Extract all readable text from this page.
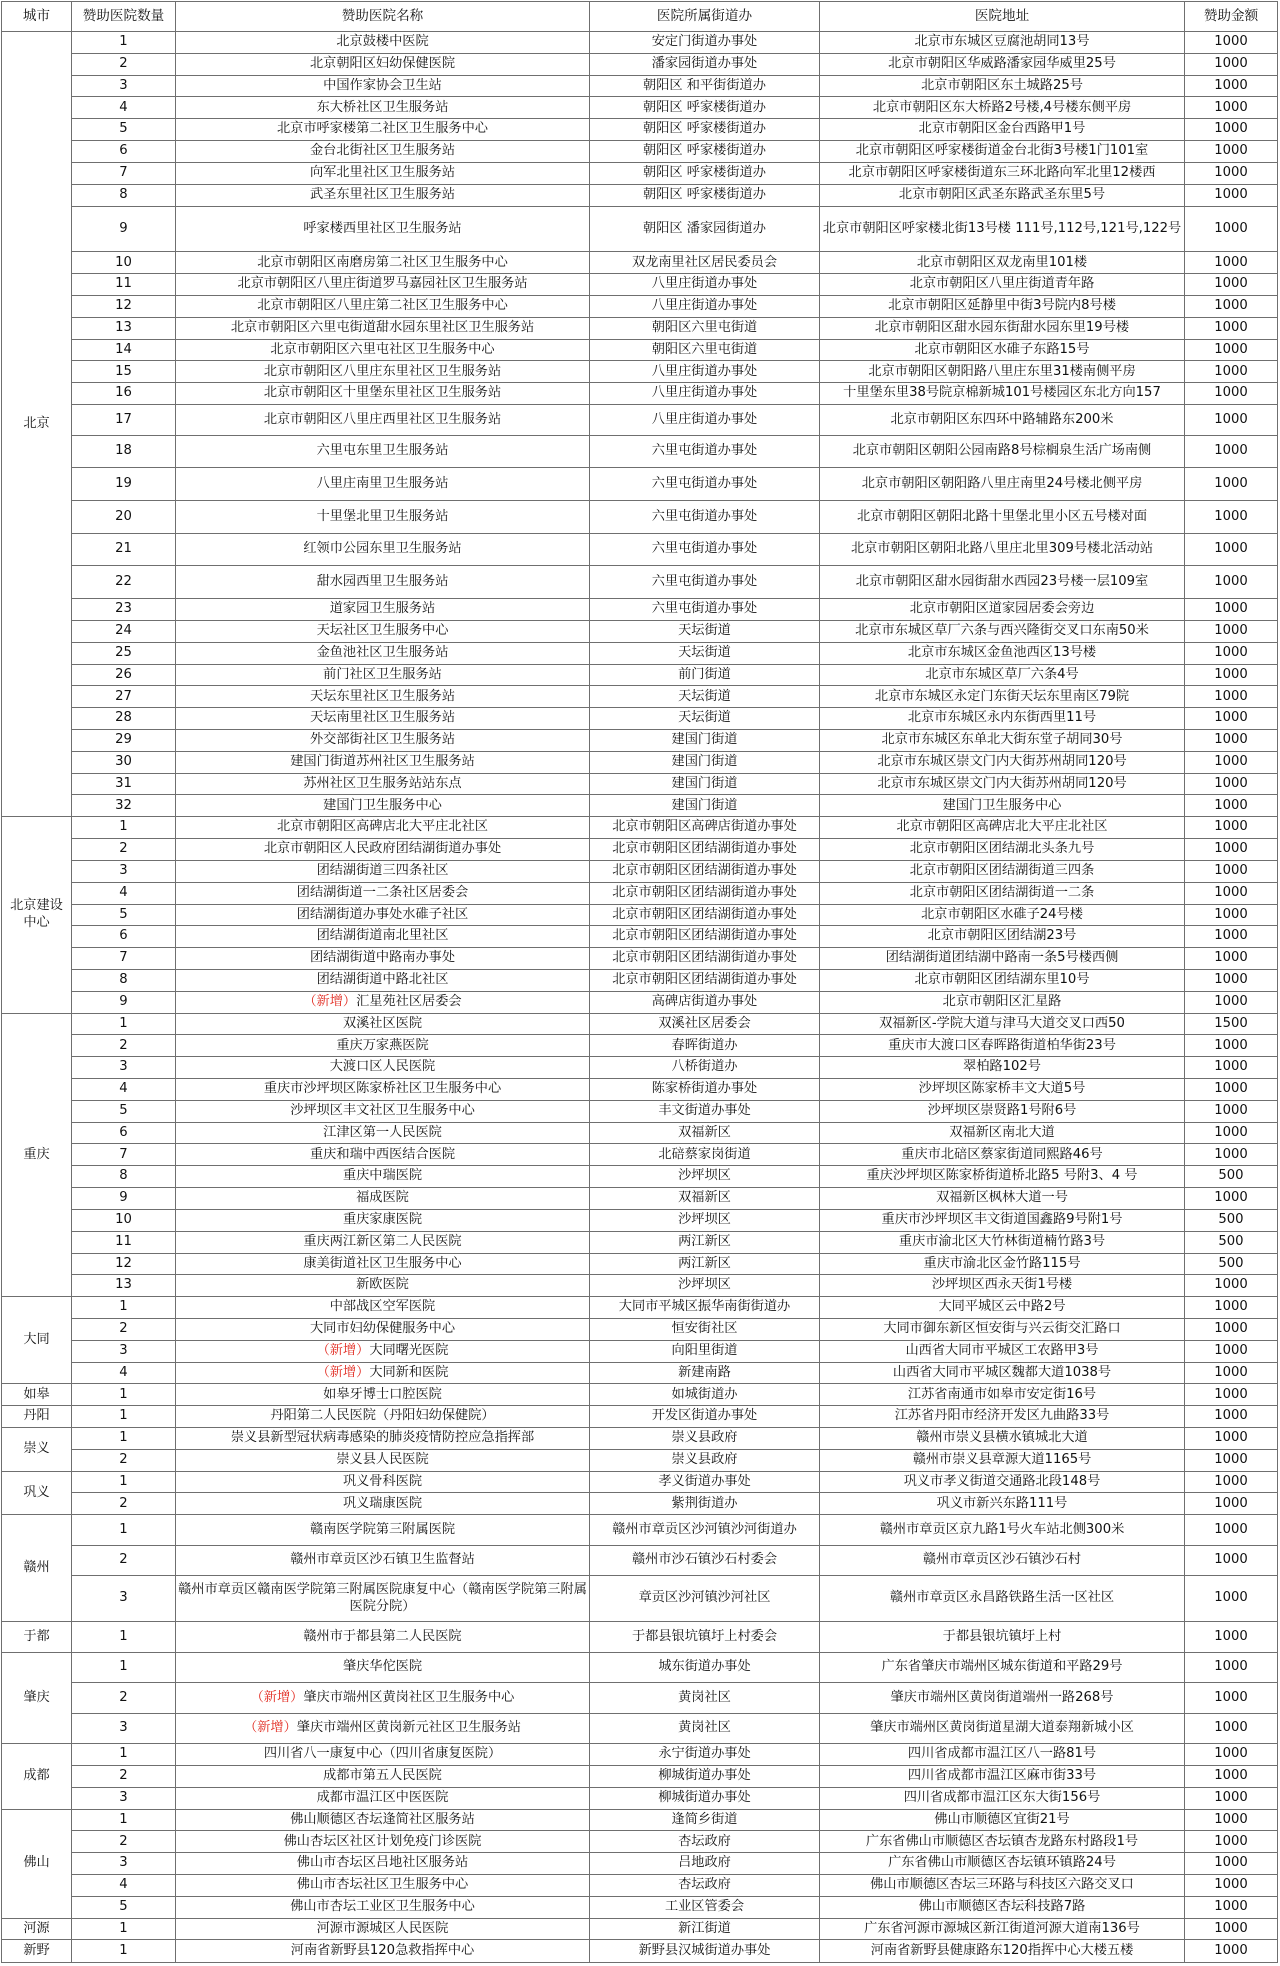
城市	赞助医院数量	赞助医院名称	医院所属街道办	医院地址	赞助金额
北京	1	北京鼓楼中医院	安定门街道办事处	北京市东城区豆腐池胡同13号	1000
	2	北京朝阳区妇幼保健医院	潘家园街道办事处	北京市朝阳区华威路潘家园华威里25号	1000
	3	中国作家协会卫生站	朝阳区 和平街街道办	北京市朝阳区东土城路25号	1000
	4	东大桥社区卫生服务站	朝阳区 呼家楼街道办	北京市朝阳区东大桥路2号楼,4号楼东侧平房	1000
	5	北京市呼家楼第二社区卫生服务中心	朝阳区 呼家楼街道办	北京市朝阳区金台西路甲1号	1000
	6	金台北街社区卫生服务站	朝阳区 呼家楼街道办	北京市朝阳区呼家楼街道金台北街3号楼1门101室	1000
	7	向军北里社区卫生服务站	朝阳区 呼家楼街道办	北京市朝阳区呼家楼街道东三环北路向军北里12楼西	1000
	8	武圣东里社区卫生服务站	朝阳区 呼家楼街道办	北京市朝阳区武圣东路武圣东里5号	1000
	9	呼家楼西里社区卫生服务站	朝阳区 潘家园街道办	北京市朝阳区呼家楼北街13号楼 111号,112号,121号,122号	1000
	10	北京市朝阳区南磨房第二社区卫生服务中心	双龙南里社区居民委员会	北京市朝阳区双龙南里101楼	1000
	11	北京市朝阳区八里庄街道罗马嘉园社区卫生服务站	八里庄街道办事处	北京市朝阳区八里庄街道青年路	1000
	12	北京市朝阳区八里庄第二社区卫生服务中心	八里庄街道办事处	北京市朝阳区延静里中街3号院内8号楼	1000
	13	北京市朝阳区六里屯街道甜水园东里社区卫生服务站	朝阳区六里屯街道	北京市朝阳区甜水园东街甜水园东里19号楼	1000
	14	北京市朝阳区六里屯社区卫生服务中心	朝阳区六里屯街道	北京市朝阳区水碓子东路15号	1000
	15	北京市朝阳区八里庄东里社区卫生服务站	八里庄街道办事处	北京市朝阳区朝阳路八里庄东里31楼南侧平房	1000
	16	北京市朝阳区十里堡东里社区卫生服务站	八里庄街道办事处	十里堡东里38号院京棉新城101号楼园区东北方向157	1000
	17	北京市朝阳区八里庄西里社区卫生服务站	八里庄街道办事处	北京市朝阳区东四环中路辅路东200米	1000
	18	六里屯东里卫生服务站	六里屯街道办事处	北京市朝阳区朝阳公园南路8号棕榈泉生活广场南侧	1000
	19	八里庄南里卫生服务站	六里屯街道办事处	北京市朝阳区朝阳路八里庄南里24号楼北侧平房	1000
	20	十里堡北里卫生服务站	六里屯街道办事处	北京市朝阳区朝阳北路十里堡北里小区五号楼对面	1000
	21	红领巾公园东里卫生服务站	六里屯街道办事处	北京市朝阳区朝阳北路八里庄北里309号楼北活动站	1000
	22	甜水园西里卫生服务站	六里屯街道办事处	北京市朝阳区甜水园街甜水西园23号楼一层109室	1000
	23	道家园卫生服务站	六里屯街道办事处	北京市朝阳区道家园居委会旁边	1000
	24	天坛社区卫生服务中心	天坛街道	北京市东城区草厂六条与西兴隆街交叉口东南50米	1000
	25	金鱼池社区卫生服务站	天坛街道	北京市东城区金鱼池西区13号楼	1000
	26	前门社区卫生服务站	前门街道	北京市东城区草厂六条4号	1000
	27	天坛东里社区卫生服务站	天坛街道	北京市东城区永定门东街天坛东里南区79院	1000
	28	天坛南里社区卫生服务站	天坛街道	北京市东城区永内东街西里11号	1000
	29	外交部街社区卫生服务站	建国门街道	北京市东城区东单北大街东堂子胡同30号	1000
	30	建国门街道苏州社区卫生服务站	建国门街道	北京市东城区崇文门内大街苏州胡同120号	1000
	31	苏州社区卫生服务站站东点	建国门街道	北京市东城区崇文门内大街苏州胡同120号	1000
	32	建国门卫生服务中心	建国门街道	建国门卫生服务中心	1000
北京建设中心	1	北京市朝阳区高碑店北大平庄北社区	北京市朝阳区高碑店街道办事处	北京市朝阳区高碑店北大平庄北社区	1000
	2	北京市朝阳区人民政府团结湖街道办事处	北京市朝阳区团结湖街道办事处	北京市朝阳区团结湖北头条九号	1000
	3	团结湖街道三四条社区	北京市朝阳区团结湖街道办事处	北京市朝阳区团结湖街道三四条	1000
	4	团结湖街道一二条社区居委会	北京市朝阳区团结湖街道办事处	北京市朝阳区团结湖街道一二条	1000
	5	团结湖街道办事处水碓子社区	北京市朝阳区团结湖街道办事处	北京市朝阳区水碓子24号楼	1000
	6	团结湖街道南北里社区	北京市朝阳区团结湖街道办事处	北京市朝阳区团结湖23号	1000
	7	团结湖街道中路南办事处	北京市朝阳区团结湖街道办事处	团结湖街道团结湖中路南一条5号楼西侧	1000
	8	团结湖街道中路北社区	北京市朝阳区团结湖街道办事处	北京市朝阳区团结湖东里10号	1000
	9	（新增）汇星苑社区居委会	高碑店街道办事处	北京市朝阳区汇星路	1000
重庆	1	双溪社区医院	双溪社区居委会	双福新区-学院大道与津马大道交叉口西50	1500
	2	重庆万家燕医院	春晖街道办	重庆市大渡口区春晖路街道柏华街23号	1000
	3	大渡口区人民医院	八桥街道办	翠柏路102号	1000
	4	重庆市沙坪坝区陈家桥社区卫生服务中心	陈家桥街道办事处	沙坪坝区陈家桥丰文大道5号	1000
	5	沙坪坝区丰文社区卫生服务中心	丰文街道办事处	沙坪坝区崇贤路1号附6号	1000
	6	江津区第一人民医院	双福新区	双福新区南北大道	1000
	7	重庆和瑞中西医结合医院	北碚蔡家岗街道	重庆市北碚区蔡家街道同熙路46号	1000
	8	重庆中瑞医院	沙坪坝区	重庆沙坪坝区陈家桥街道桥北路5 号附3、4 号	500
	9	福成医院	双福新区	双福新区枫林大道一号	1000
	10	重庆家康医院	沙坪坝区	重庆市沙坪坝区丰文街道国鑫路9号附1号	500
	11	重庆两江新区第二人民医院	两江新区	重庆市渝北区大竹林街道楠竹路3号	500
	12	康美街道社区卫生服务中心	两江新区	重庆市渝北区金竹路115号	500
	13	新欧医院	沙坪坝区	沙坪坝区西永天街1号楼	1000
大同	1	中部战区空军医院	大同市平城区振华南街街道办	大同平城区云中路2号	1000
	2	大同市妇幼保健服务中心	恒安街社区	大同市御东新区恒安街与兴云街交汇路口	1000
	3	（新增）大同曙光医院	向阳里街道	山西省大同市平城区工农路甲3号	1000
	4	（新增）大同新和医院	新建南路	山西省大同市平城区魏都大道1038号	1000
如皋	1	如皋牙博士口腔医院	如城街道办	江苏省南通市如皋市安定街16号	1000
丹阳	1	丹阳第二人民医院（丹阳妇幼保健院）	开发区街道办事处	江苏省丹阳市经济开发区九曲路33号	1000
崇义	1	崇义县新型冠状病毒感染的肺炎疫情防控应急指挥部	崇义县政府	赣州市崇义县横水镇城北大道	1000
	2	崇义县人民医院	崇义县政府	赣州市崇义县章源大道1165号	1000
巩义	1	巩义骨科医院	孝义街道办事处	巩义市孝义街道交通路北段148号	1000
	2	巩义瑞康医院	紫荆街道办	巩义市新兴东路111号	1000
赣州	1	赣南医学院第三附属医院	赣州市章贡区沙河镇沙河街道办	赣州市章贡区京九路1号火车站北侧300米	1000
	2	赣州市章贡区沙石镇卫生监督站	赣州市沙石镇沙石村委会	赣州市章贡区沙石镇沙石村	1000
	3	赣州市章贡区赣南医学院第三附属医院康复中心（赣南医学院第三附属医院分院）	章贡区沙河镇沙河社区	赣州市章贡区永昌路铁路生活一区社区	1000
于都	1	赣州市于都县第二人民医院	于都县银坑镇圩上村委会	于都县银坑镇圩上村	1000
肇庆	1	肇庆华佗医院	城东街道办事处	广东省肇庆市端州区城东街道和平路29号	1000
	2	（新增）肇庆市端州区黄岗社区卫生服务中心	黄岗社区	肇庆市端州区黄岗街道端州一路268号	1000
	3	（新增）肇庆市端州区黄岗新元社区卫生服务站	黄岗社区	肇庆市端州区黄岗街道星湖大道泰翔新城小区	1000
成都	1	四川省八一康复中心（四川省康复医院）	永宁街道办事处	四川省成都市温江区八一路81号	1000
	2	成都市第五人民医院	柳城街道办事处	四川省成都市温江区麻市街33号	1000
	3	成都市温江区中医医院	柳城街道办事处	四川省成都市温江区东大街156号	1000
佛山	1	佛山顺德区杏坛逢简社区服务站	逢简乡街道	佛山市顺德区宜街21号	1000
	2	佛山杏坛区社区计划免疫门诊医院	杏坛政府	广东省佛山市顺德区杏坛镇杏龙路东村路段1号	1000
	3	佛山市杏坛区吕地社区服务站	吕地政府	广东省佛山市顺德区杏坛镇环镇路24号	1000
	4	佛山市杏坛社区卫生服务中心	杏坛政府	佛山市顺德区杏坛三环路与科技区六路交叉口	1000
	5	佛山市杏坛工业区卫生服务中心	工业区管委会	佛山市顺德区杏坛科技路7路	1000
河源	1	河源市源城区人民医院	新江街道	广东省河源市源城区新江街道河源大道南136号	1000
新野	1	河南省新野县120急救指挥中心	新野县汉城街道办事处	河南省新野县健康路东120指挥中心大楼五楼	1000
